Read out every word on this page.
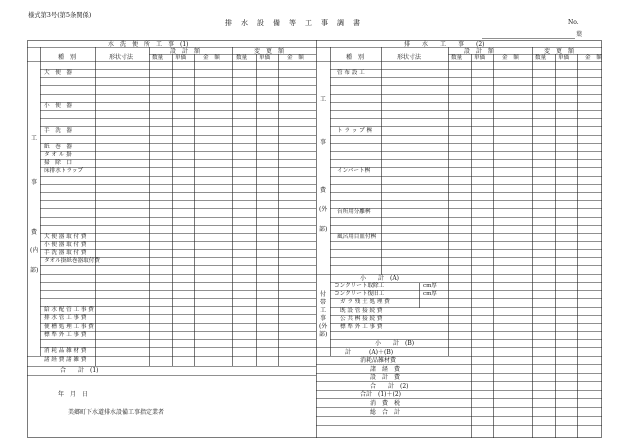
様式第3号(第5条関係)
排　水　設　備　等　工　事　調　書	No.
葉
水　洗　便　所　工　事　(1)
種　別	形状寸法
設　計　額	変　更　額
数量 単価	金　額	数量 単価	金　額
工
事
費
(内
部)
大　便　器
小　便　器
手　洗　器
紙　巻　器
タ オ ル 掛
掃　除　口
床排水トラップ
大 便 器 取 付 費
小 便 器 取 付 費
手 洗 器 取 付 費
タオル掛紙巻器取付費
給 水 配 管 工 事 費
排 水 管 工 事 費
便 槽 処 理 工 事 費
標 準 外 工 事 費
消 耗 品 雑 材 費
諸 経 費 諸 雑 費
合　　計　(1)
年　月　日
美郷町下水道排水設備工事指定業者
排　　水　　工　　事　　(2)
種　別	形状寸法
設　計　額	変　更　額
数量 単価	金　額	数量 単価	金　額
工
事
費
(外
部)
付
帯
工
事
(外
部)
管 布 設 工
ト ラ ッ プ 桝
インバート桝
台所用分離桝
風呂用目皿付桝
小　　計　(A)
コンクリート取除工	cm厚
コンクリート復旧工	cm厚
ガ ラ 残 土 処 理 費
既 設 管 接 続 費
公 共 桝 接 続 費
標 準 外 工 事 費
小　　計　(B)
計　　　(A)＋(B)
消耗品雑材費
諸　経　費
設　計　費
合　　計　(2)
合計　(1)＋(2)
消　費　税
総　合　計
